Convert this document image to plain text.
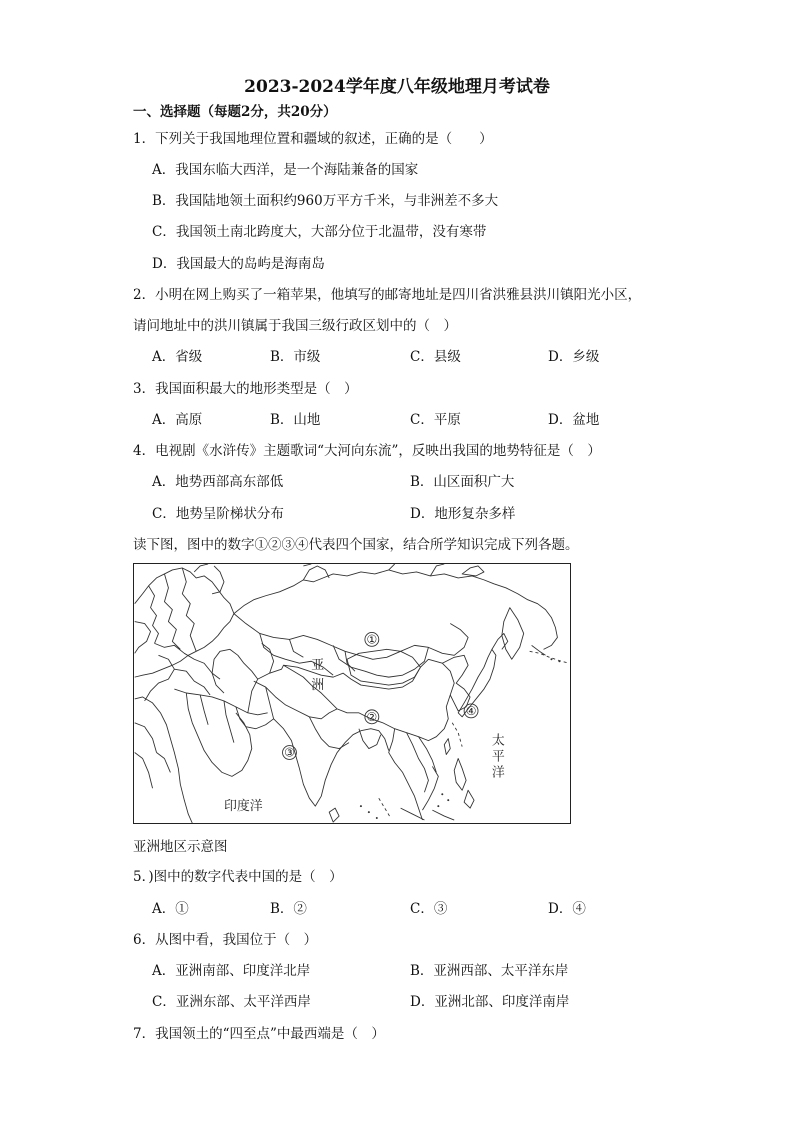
2023-2024学年度八年级地理月考试卷
一、选择题（每题2分，共20分）
1．下列关于我国地理位置和疆域的叙述，正确的是（　　）
A．我国东临大西洋，是一个海陆兼备的国家
B．我国陆地领土面积约960万平方千米，与非洲差不多大
C．我国领土南北跨度大，大部分位于北温带，没有寒带
D．我国最大的岛屿是海南岛
2．小明在网上购买了一箱苹果，他填写的邮寄地址是四川省洪雅县洪川镇阳光小区，
请问地址中的洪川镇属于我国三级行政区划中的（　）
A．省级	B．市级	C．县级	D．乡级
3．我国面积最大的地形类型是（　）
A．高原	B．山地	C．平原	D．盆地
4．电视剧《水浒传》主题歌词“大河向东流”，反映出我国的地势特征是（　）
A．地势西部高东部低	B．山区面积广大
C．地势呈阶梯状分布	D．地形复杂多样
读下图，图中的数字①②③④代表四个国家，结合所学知识完成下列各题。
①
②
③
④
亚
洲
印度洋
太
平
洋
亚洲地区示意图
5．)图中的数字代表中国的是（　）
A．①	B．②	C．③	D．④
6．从图中看，我国位于（　）
A．亚洲南部、印度洋北岸	B．亚洲西部、太平洋东岸
C．亚洲东部、太平洋西岸	D．亚洲北部、印度洋南岸
7．我国领土的“四至点”中最西端是（　）
